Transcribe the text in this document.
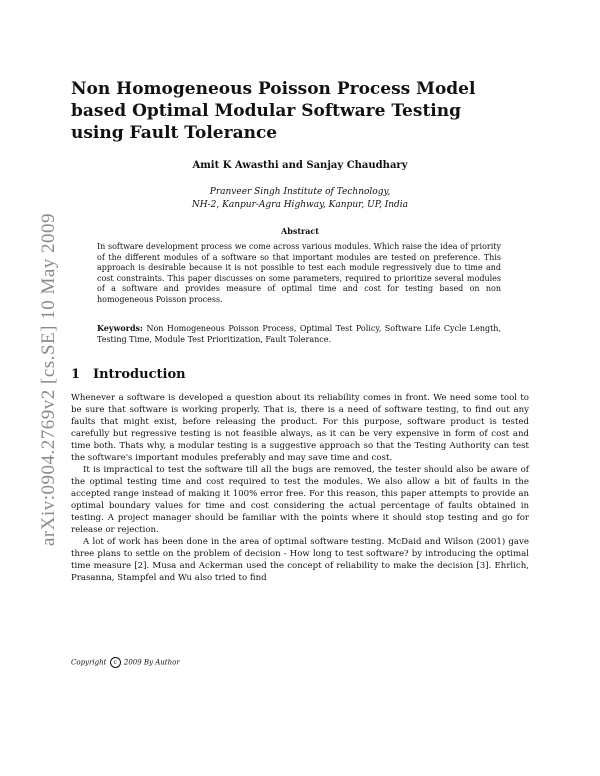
arXiv:0904.2769v2 [cs.SE] 10 May 2009
Non Homogeneous Poisson Process Model based Optimal Modular Software Testing using Fault Tolerance

Amit K Awasthi and Sanjay Chaudhary

Pranveer Singh Institute of Technology,
NH-2, Kanpur-Agra Highway, Kanpur, UP, India

Abstract

In software development process we come across various modules. Which raise the idea of priority of the different modules of a software so that important modules are tested on preference. This approach is desirable because it is not possible to test each module regressively due to time and cost constraints. This paper discusses on some parameters, required to prioritize several modules of a software and provides measure of optimal time and cost for testing based on non homogeneous Poisson process.

Keywords: Non Homogeneous Poisson Process, Optimal Test Policy, Software Life Cycle Length, Testing Time, Module Test Prioritization, Fault Tolerance.

1 Introduction

Whenever a software is developed a question about its reliability comes in front. We need some tool to be sure that software is working properly. That is, there is a need of software testing, to find out any faults that might exist, before releasing the product. For this purpose, software product is tested carefully but regressive testing is not feasible always, as it can be very expensive in form of cost and time both. Thats why, a modular testing is a suggestive approach so that the Testing Authority can test the software's important modules preferably and may save time and cost.

It is impractical to test the software till all the bugs are removed, the tester should also be aware of the optimal testing time and cost required to test the modules. We also allow a bit of faults in the accepted range instead of making it 100% error free. For this reason, this paper attempts to provide an optimal boundary values for time and cost considering the actual percentage of faults obtained in testing. A project manager should be familiar with the points where it should stop testing and go for release or rejection.

A lot of work has been done in the area of optimal software testing. McDaid and Wilson (2001) gave three plans to settle on the problem of decision - How long to test software? by introducing the optimal time measure [2]. Musa and Ackerman used the concept of reliability to make the decision [3]. Ehrlich, Prasanna, Stampfel and Wu also tried to find

Copyright c 2009 By Author
